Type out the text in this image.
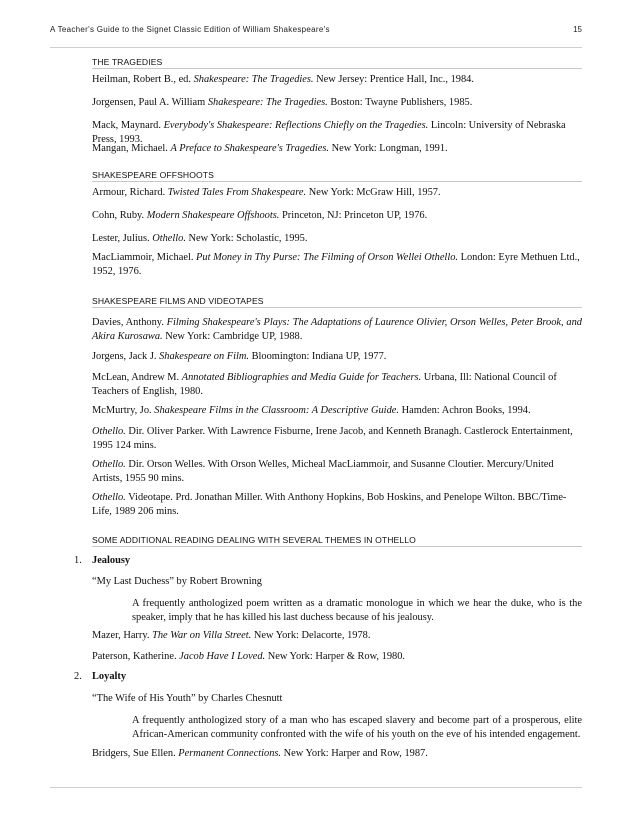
A Teacher's Guide to the Signet Classic Edition of William Shakespeare's	15
THE TRAGEDIES
Heilman, Robert B., ed. Shakespeare: The Tragedies. New Jersey: Prentice Hall, Inc., 1984.
Jorgensen, Paul A. William Shakespeare: The Tragedies. Boston: Twayne Publishers, 1985.
Mack, Maynard. Everybody's Shakespeare: Reflections Chiefly on the Tragedies. Lincoln: University of Nebraska Press, 1993.
Mangan, Michael. A Preface to Shakespeare's Tragedies. New York: Longman, 1991.
SHAKESPEARE OFFSHOOTS
Armour, Richard. Twisted Tales From Shakespeare. New York: McGraw Hill, 1957.
Cohn, Ruby. Modern Shakespeare Offshoots. Princeton, NJ: Princeton UP, 1976.
Lester, Julius. Othello. New York: Scholastic, 1995.
MacLiammoir, Michael. Put Money in Thy Purse: The Filming of Orson Wellei Othello. London: Eyre Methuen Ltd., 1952, 1976.
SHAKESPEARE FILMS AND VIDEOTAPES
Davies, Anthony. Filming Shakespeare's Plays: The Adaptations of Laurence Olivier, Orson Welles, Peter Brook, and Akira Kurosawa. New York: Cambridge UP, 1988.
Jorgens, Jack J. Shakespeare on Film. Bloomington: Indiana UP, 1977.
McLean, Andrew M. Annotated Bibliographies and Media Guide for Teachers. Urbana, Ill: National Council of Teachers of English, 1980.
McMurtry, Jo. Shakespeare Films in the Classroom: A Descriptive Guide. Hamden: Achron Books, 1994.
Othello. Dir. Oliver Parker. With Lawrence Fisburne, Irene Jacob, and Kenneth Branagh. Castlerock Entertainment, 1995 124 mins.
Othello. Dir. Orson Welles. With Orson Welles, Micheal MacLiammoir, and Susanne Cloutier. Mercury/United Artists, 1955 90 mins.
Othello. Videotape. Prd. Jonathan Miller. With Anthony Hopkins, Bob Hoskins, and Penelope Wilton. BBC/Time-Life, 1989 206 mins.
SOME ADDITIONAL READING DEALING WITH SEVERAL THEMES IN OTHELLO
1. Jealousy
“My Last Duchess” by Robert Browning
A frequently anthologized poem written as a dramatic monologue in which we hear the duke, who is the speaker, imply that he has killed his last duchess because of his jealousy.
Mazer, Harry. The War on Villa Street. New York: Delacorte, 1978.
Paterson, Katherine. Jacob Have I Loved. New York: Harper & Row, 1980.
2. Loyalty
“The Wife of His Youth” by Charles Chesnutt
A frequently anthologized story of a man who has escaped slavery and become part of a prosperous, elite African-American community confronted with the wife of his youth on the eve of his intended engagement.
Bridgers, Sue Ellen. Permanent Connections. New York: Harper and Row, 1987.
